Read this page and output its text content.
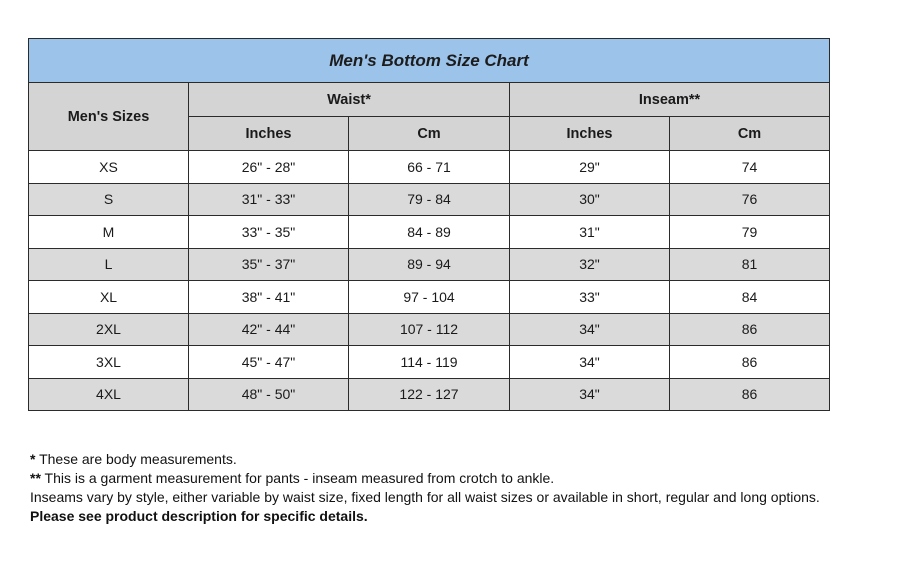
Men's Bottom Size Chart				
Men's Sizes	Waist*		Inseam**	
	Inches	Cm	Inches	Cm
XS	26" - 28"	66 - 71	29"	74
S	31" - 33"	79 - 84	30"	76
M	33" - 35"	84 - 89	31"	79
L	35" - 37"	89 - 94	32"	81
XL	38" - 41"	97 - 104	33"	84
2XL	42" - 44"	107 - 112	34"	86
3XL	45" - 47"	114 - 119	34"	86
4XL	48" - 50"	122 - 127	34"	86

* These are body measurements.

** This is a garment measurement for pants - inseam measured from crotch to ankle.

Inseams vary by style, either variable by waist size, fixed length for all waist sizes or available in short, regular and long options. Please see product description for specific details.
